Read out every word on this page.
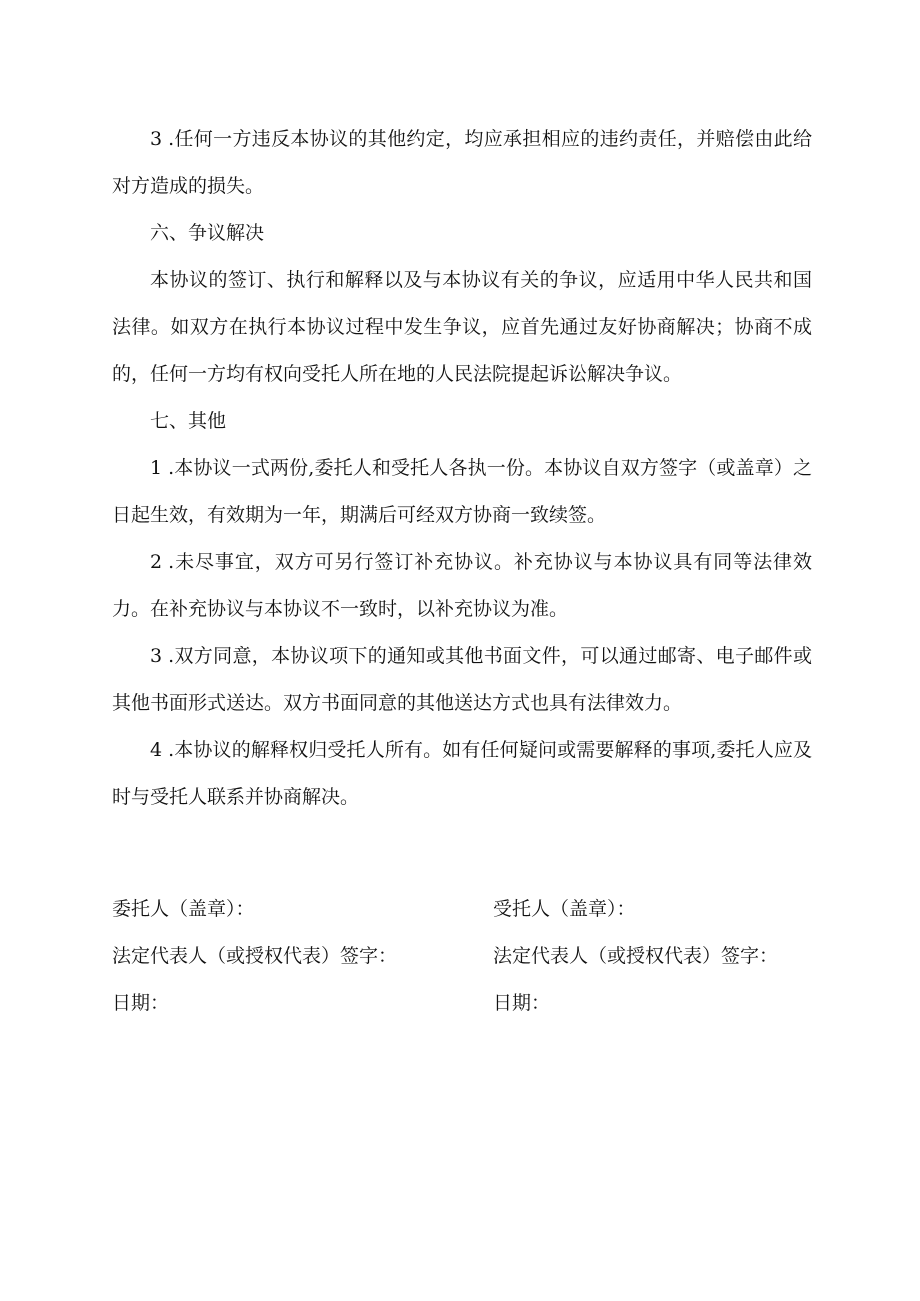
3 .任何一方违反本协议的其他约定，均应承担相应的违约责任，并赔偿由此给对方造成的损失。

六、争议解决

本协议的签订、执行和解释以及与本协议有关的争议，应适用中华人民共和国法律。如双方在执行本协议过程中发生争议，应首先通过友好协商解决；协商不成的，任何一方均有权向受托人所在地的人民法院提起诉讼解决争议。

七、其他

1 .本协议一式两份,委托人和受托人各执一份。本协议自双方签字（或盖章）之日起生效，有效期为一年，期满后可经双方协商一致续签。

2 .未尽事宜，双方可另行签订补充协议。补充协议与本协议具有同等法律效力。在补充协议与本协议不一致时，以补充协议为准。

3 .双方同意，本协议项下的通知或其他书面文件，可以通过邮寄、电子邮件或其他书面形式送达。双方书面同意的其他送达方式也具有法律效力。

4 .本协议的解释权归受托人所有。如有任何疑问或需要解释的事项,委托人应及时与受托人联系并协商解决。

委托人（盖章）：
法定代表人（或授权代表）签字：
日期：
受托人（盖章）：
法定代表人（或授权代表）签字：
日期：
